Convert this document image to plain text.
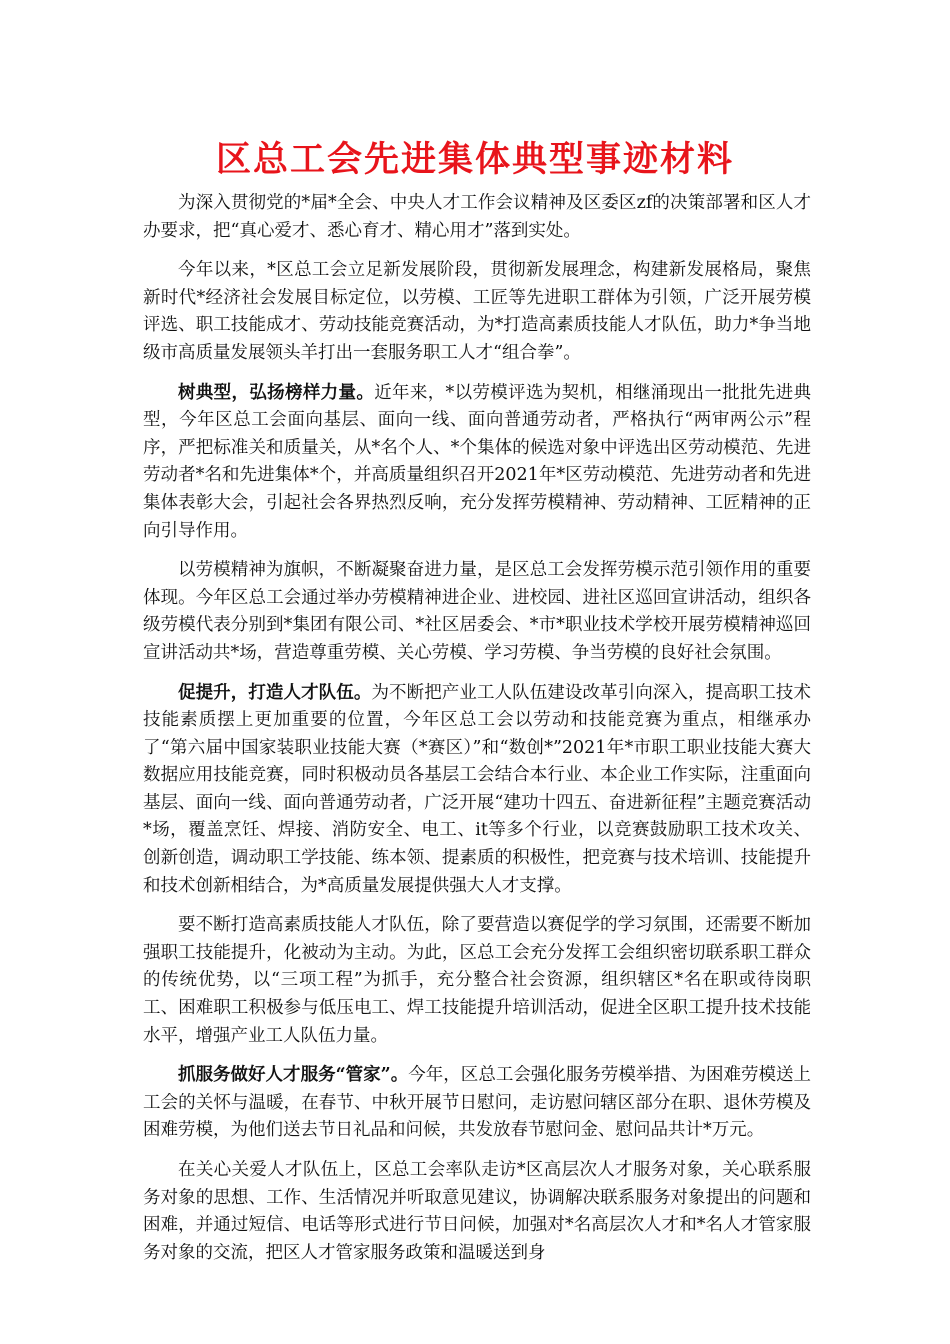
区总工会先进集体典型事迹材料

为深入贯彻党的*届*全会、中央人才工作会议精神及区委区zf的决策部署和区人才办要求，把“真心爱才、悉心育才、精心用才”落到实处。

今年以来，*区总工会立足新发展阶段，贯彻新发展理念，构建新发展格局，聚焦新时代*经济社会发展目标定位，以劳模、工匠等先进职工群体为引领，广泛开展劳模评选、职工技能成才、劳动技能竞赛活动，为*打造高素质技能人才队伍，助力*争当地级市高质量发展领头羊打出一套服务职工人才“组合拳”。

树典型，弘扬榜样力量。近年来，*以劳模评选为契机，相继涌现出一批批先进典型，今年区总工会面向基层、面向一线、面向普通劳动者，严格执行“两审两公示”程序，严把标准关和质量关，从*名个人、*个集体的候选对象中评选出区劳动模范、先进劳动者*名和先进集体*个，并高质量组织召开2021年*区劳动模范、先进劳动者和先进集体表彰大会，引起社会各界热烈反响，充分发挥劳模精神、劳动精神、工匠精神的正向引导作用。

以劳模精神为旗帜，不断凝聚奋进力量，是区总工会发挥劳模示范引领作用的重要体现。今年区总工会通过举办劳模精神进企业、进校园、进社区巡回宣讲活动，组织各级劳模代表分别到*集团有限公司、*社区居委会、*市*职业技术学校开展劳模精神巡回宣讲活动共*场，营造尊重劳模、关心劳模、学习劳模、争当劳模的良好社会氛围。

促提升，打造人才队伍。为不断把产业工人队伍建设改革引向深入，提高职工技术技能素质摆上更加重要的位置，今年区总工会以劳动和技能竞赛为重点，相继承办了“第六届中国家装职业技能大赛（*赛区）”和“数创*”2021年*市职工职业技能大赛大数据应用技能竞赛，同时积极动员各基层工会结合本行业、本企业工作实际，注重面向基层、面向一线、面向普通劳动者，广泛开展“建功十四五、奋进新征程”主题竞赛活动*场，覆盖烹饪、焊接、消防安全、电工、it等多个行业，以竞赛鼓励职工技术攻关、创新创造，调动职工学技能、练本领、提素质的积极性，把竞赛与技术培训、技能提升和技术创新相结合，为*高质量发展提供强大人才支撑。

要不断打造高素质技能人才队伍，除了要营造以赛促学的学习氛围，还需要不断加强职工技能提升，化被动为主动。为此，区总工会充分发挥工会组织密切联系职工群众的传统优势，以“三项工程”为抓手，充分整合社会资源，组织辖区*名在职或待岗职工、困难职工积极参与低压电工、焊工技能提升培训活动，促进全区职工提升技术技能水平，增强产业工人队伍力量。

抓服务做好人才服务“管家”。今年，区总工会强化服务劳模举措、为困难劳模送上工会的关怀与温暖，在春节、中秋开展节日慰问，走访慰问辖区部分在职、退休劳模及困难劳模，为他们送去节日礼品和问候，共发放春节慰问金、慰问品共计*万元。

在关心关爱人才队伍上，区总工会率队走访*区高层次人才服务对象，关心联系服务对象的思想、工作、生活情况并听取意见建议，协调解决联系服务对象提出的问题和困难，并通过短信、电话等形式进行节日问候，加强对*名高层次人才和*名人才管家服务对象的交流，把区人才管家服务政策和温暖送到身
